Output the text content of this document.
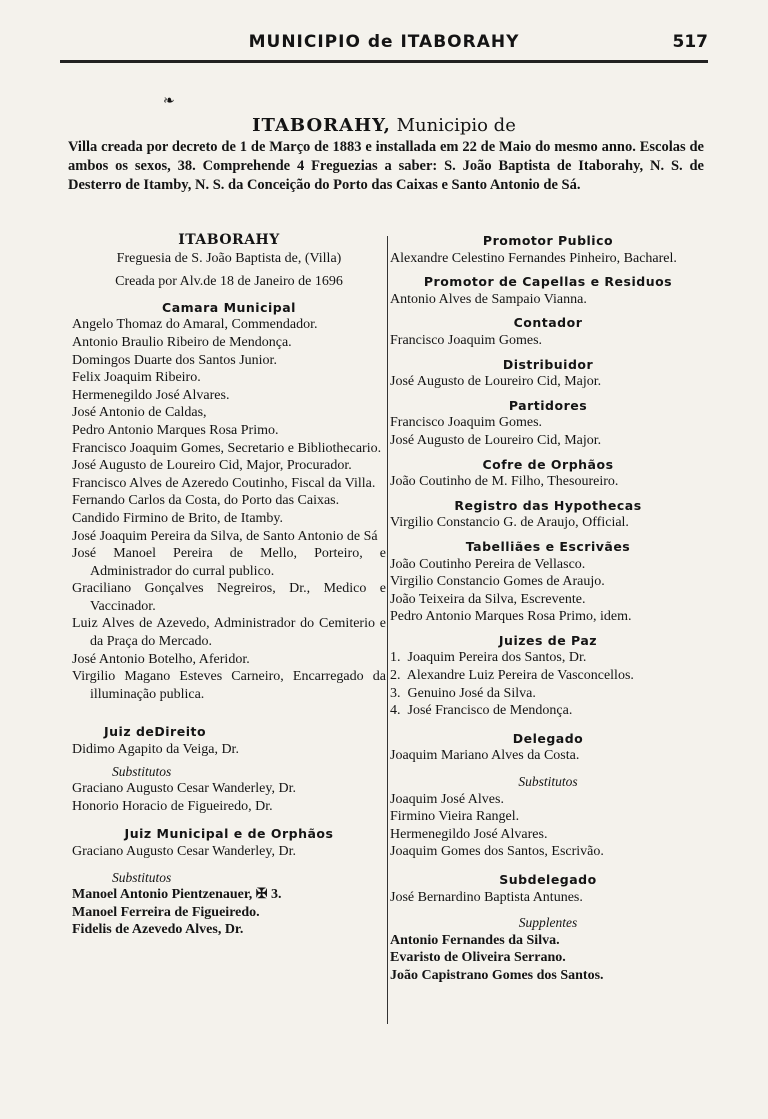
MUNICIPIO de ITABORAHY	517
❧
ITABORAHY, Municipio de
Villa creada por decreto de 1 de Março de 1883 e installada em 22 de Maio do mesmo anno. Escolas de ambos os sexos, 38. Comprehende 4 Freguezias a saber: S. João Baptista de Itaborahy, N. S. de Desterro de Itamby, N. S. da Conceição do Porto das Caixas e Santo Antonio de Sá.
ITABORAHY
Freguesia de S. João Baptista de, (Villa)
Creada por Alv.de 18 de Janeiro de 1696
Camara Municipal
Angelo Thomaz do Amaral, Commendador.
Antonio Braulio Ribeiro de Mendonça.
Domingos Duarte dos Santos Junior.
Felix Joaquim Ribeiro.
Hermenegildo José Alvares.
José Antonio de Caldas,
Pedro Antonio Marques Rosa Primo.
Francisco Joaquim Gomes, Secretario e Bibliothecario.
José Augusto de Loureiro Cid, Major, Procurador.
Francisco Alves de Azeredo Coutinho, Fiscal da Villa.
Fernando Carlos da Costa, do Porto das Caixas.
Candido Firmino de Brito, de Itamby.
José Joaquim Pereira da Silva, de Santo Antonio de Sá
José Manoel Pereira de Mello, Porteiro, e Administrador do curral publico.
Graciliano Gonçalves Negreiros, Dr., Medico e Vaccinador.
Luiz Alves de Azevedo, Administrador do Cemiterio e da Praça do Mercado.
José Antonio Botelho, Aferidor.
Virgilio Magano Esteves Carneiro, Encarregado da illuminação publica.
Juiz deDireito
Didimo Agapito da Veiga, Dr.
Substitutos
Graciano Augusto Cesar Wanderley, Dr.
Honorio Horacio de Figueiredo, Dr.
Juiz Municipal e de Orphãos
Graciano Augusto Cesar Wanderley, Dr.
Substitutos
Manoel Antonio Pientzenauer, ✠ 3.
Manoel Ferreira de Figueiredo.
Fidelis de Azevedo Alves, Dr.
Promotor Publico
Alexandre Celestino Fernandes Pinheiro, Bacharel.
Promotor de Capellas e Residuos
Antonio Alves de Sampaio Vianna.
Contador
Francisco Joaquim Gomes.
Distribuidor
José Augusto de Loureiro Cid, Major.
Partidores
Francisco Joaquim Gomes.
José Augusto de Loureiro Cid, Major.
Cofre de Orphãos
João Coutinho de M. Filho, Thesoureiro.
Registro das Hypothecas
Virgilio Constancio G. de Araujo, Official.
Tabelliães e Escrivães
João Coutinho Pereira de Vellasco.
Virgilio Constancio Gomes de Araujo.
João Teixeira da Silva, Escrevente.
Pedro Antonio Marques Rosa Primo, idem.
Juizes de Paz
1. Joaquim Pereira dos Santos, Dr.
2. Alexandre Luiz Pereira de Vasconcellos.
3. Genuino José da Silva.
4. José Francisco de Mendonça.
Delegado
Joaquim Mariano Alves da Costa.
Substitutos
Joaquim José Alves.
Firmino Vieira Rangel.
Hermenegildo José Alvares.
Joaquim Gomes dos Santos, Escrivão.
Subdelegado
José Bernardino Baptista Antunes.
Supplentes
Antonio Fernandes da Silva.
Evaristo de Oliveira Serrano.
João Capistrano Gomes dos Santos.
